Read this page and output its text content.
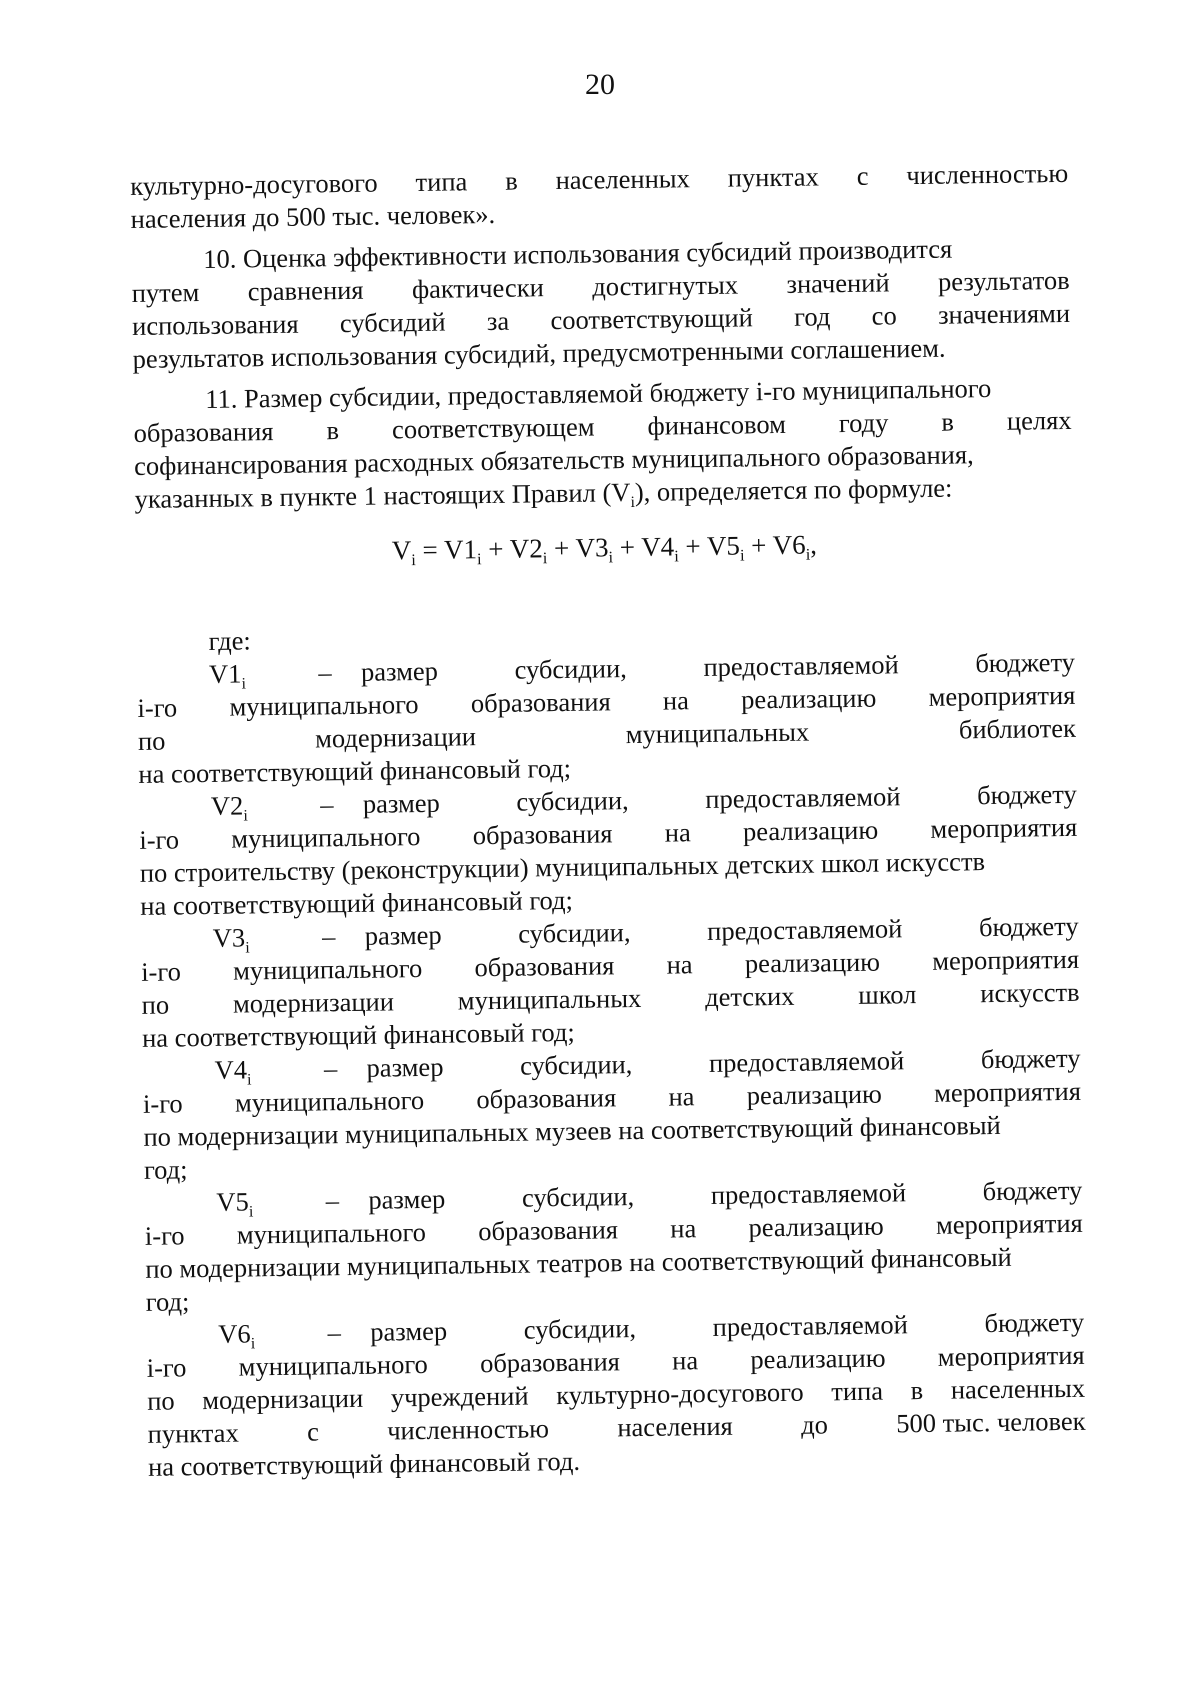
20
культурно-досугового типа в населенных пунктах с численностью
населения до 500 тыс. человек».
10. Оценка эффективности использования субсидий производится
путем сравнения фактически достигнутых значений результатов
использования субсидий за соответствующий год со значениями
результатов использования субсидий, предусмотренными соглашением.
11. Размер субсидии, предоставляемой бюджету i-го муниципального
образования в соответствующем финансовом году в целях
софинансирования расходных обязательств муниципального образования,
указанных в пункте 1 настоящих Правил $(V_i)$, определяется по формуле:
$V_i = V1_i + V2_i + V3_i + V4_i + V5_i + V6_i$,
где:
$V1_i$	–	размер	субсидии,	предоставляемой	бюджету
i-го муниципального образования на реализацию мероприятия
по	модернизации	муниципальных	библиотек
на соответствующий финансовый год;
$V2_i$	–	размер	субсидии,	предоставляемой	бюджету
i-го муниципального образования на реализацию мероприятия
по строительству (реконструкции) муниципальных детских школ искусств
на соответствующий финансовый год;
$V3_i$	–	размер	субсидии,	предоставляемой	бюджету
i-го муниципального образования на реализацию мероприятия
по модернизации муниципальных детских школ искусств
на соответствующий финансовый год;
$V4_i$	–	размер	субсидии,	предоставляемой	бюджету
i-го муниципального образования на реализацию мероприятия
по модернизации муниципальных музеев на соответствующий финансовый
год;
$V5_i$	–	размер	субсидии,	предоставляемой	бюджету
i-го муниципального образования на реализацию мероприятия
по модернизации муниципальных театров на соответствующий финансовый
год;
$V6_i$	–	размер	субсидии,	предоставляемой	бюджету
i-го муниципального образования на реализацию мероприятия
по модернизации учреждений культурно-досугового типа в населенных
пунктах	с	численностью	населения	до	500 тыс. человек
на соответствующий финансовый год.
